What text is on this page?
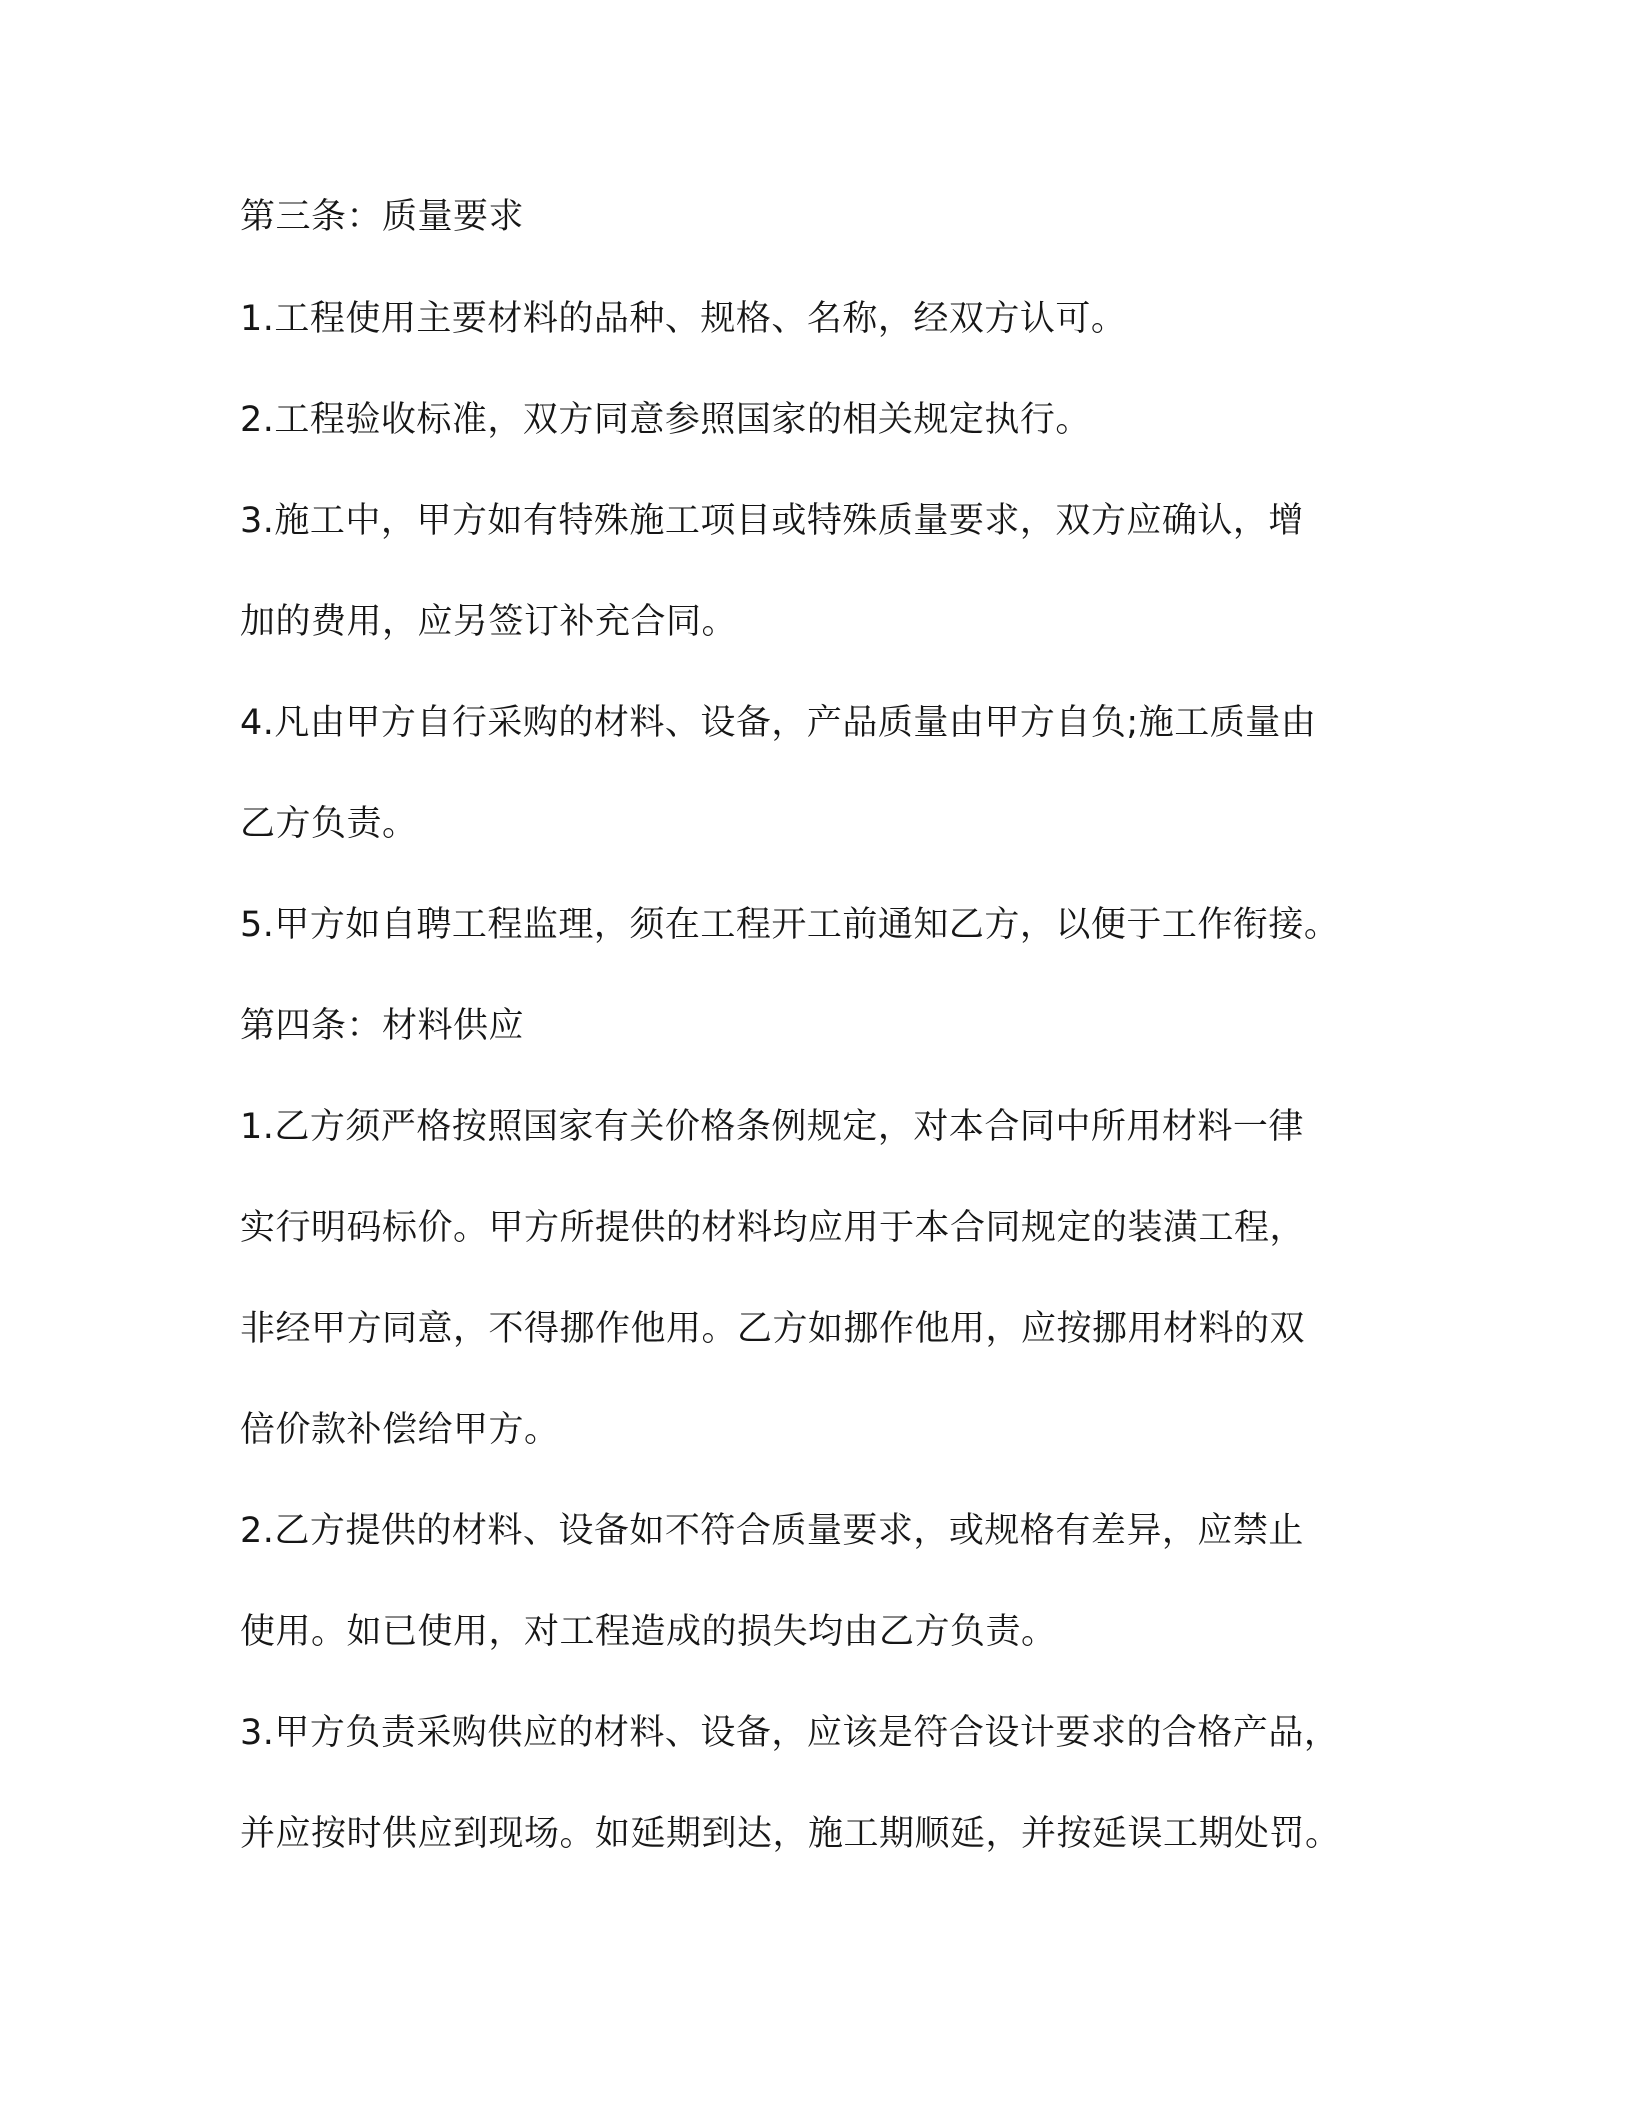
第三条：质量要求

1.工程使用主要材料的品种、规格、名称，经双方认可。

2.工程验收标准，双方同意参照国家的相关规定执行。

3.施工中，甲方如有特殊施工项目或特殊质量要求，双方应确认，增

加的费用，应另签订补充合同。

4.凡由甲方自行采购的材料、设备，产品质量由甲方自负;施工质量由

乙方负责。

5.甲方如自聘工程监理，须在工程开工前通知乙方，以便于工作衔接。

第四条：材料供应

1.乙方须严格按照国家有关价格条例规定，对本合同中所用材料一律

实行明码标价。甲方所提供的材料均应用于本合同规定的装潢工程，

非经甲方同意，不得挪作他用。乙方如挪作他用，应按挪用材料的双

倍价款补偿给甲方。

2.乙方提供的材料、设备如不符合质量要求，或规格有差异，应禁止

使用。如已使用，对工程造成的损失均由乙方负责。

3.甲方负责采购供应的材料、设备，应该是符合设计要求的合格产品，

并应按时供应到现场。如延期到达，施工期顺延，并按延误工期处罚。
